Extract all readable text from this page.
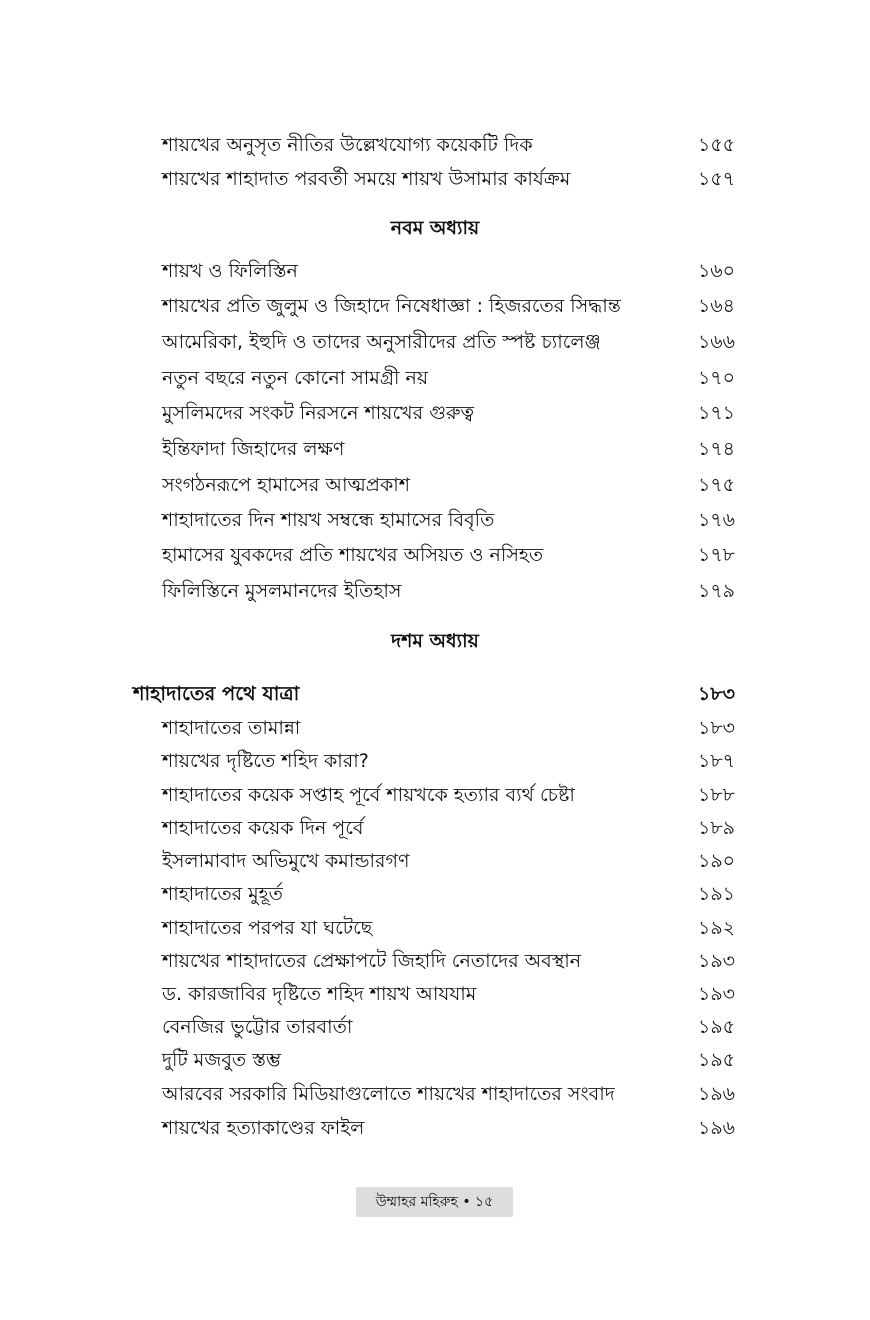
শায়খের অনুসৃত নীতির উল্লেখযোগ্য কয়েকটি দিক	১৫৫
শায়খের শাহাদাত পরবর্তী সময়ে শায়খ উসামার কার্যক্রম	১৫৭
নবম অধ্যায়
শায়খ ও ফিলিস্তিন	১৬০
শায়খের প্রতি জুলুম ও জিহাদে নিষেধাজ্ঞা : হিজরতের সিদ্ধান্ত	১৬৪
আমেরিকা, ইহুদি ও তাদের অনুসারীদের প্রতি স্পষ্ট চ্যালেঞ্জ	১৬৬
নতুন বছরে নতুন কোনো সামগ্রী নয়	১৭০
মুসলিমদের সংকট নিরসনে শায়খের গুরুত্ব	১৭১
ইন্তিফাদা জিহাদের লক্ষণ	১৭৪
সংগঠনরূপে হামাসের আত্মপ্রকাশ	১৭৫
শাহাদাতের দিন শায়খ সম্বন্ধে হামাসের বিবৃতি	১৭৬
হামাসের যুবকদের প্রতি শায়খের অসিয়ত ও নসিহত	১৭৮
ফিলিস্তিনে মুসলমানদের ইতিহাস	১৭৯
দশম অধ্যায়
শাহাদাতের পথে যাত্রা	১৮৩
শাহাদাতের তামান্না	১৮৩
শায়খের দৃষ্টিতে শহিদ কারা?	১৮৭
শাহাদাতের কয়েক সপ্তাহ পূর্বে শায়খকে হত্যার ব্যর্থ চেষ্টা	১৮৮
শাহাদাতের কয়েক দিন পূর্বে	১৮৯
ইসলামাবাদ অভিমুখে কমান্ডারগণ	১৯০
শাহাদাতের মুহূর্ত	১৯১
শাহাদাতের পরপর যা ঘটেছে	১৯২
শায়খের শাহাদাতের প্রেক্ষাপটে জিহাদি নেতাদের অবস্থান	১৯৩
ড. কারজাবির দৃষ্টিতে শহিদ শায়খ আযযাম	১৯৩
বেনজির ভুট্টোর তারবার্তা	১৯৫
দুটি মজবুত স্তম্ভ	১৯৫
আরবের সরকারি মিডিয়াগুলোতে শায়খের শাহাদাতের সংবাদ	১৯৬
শায়খের হত্যাকাণ্ডের ফাইল	১৯৬
উম্মাহর মহিরুহ • ১৫
